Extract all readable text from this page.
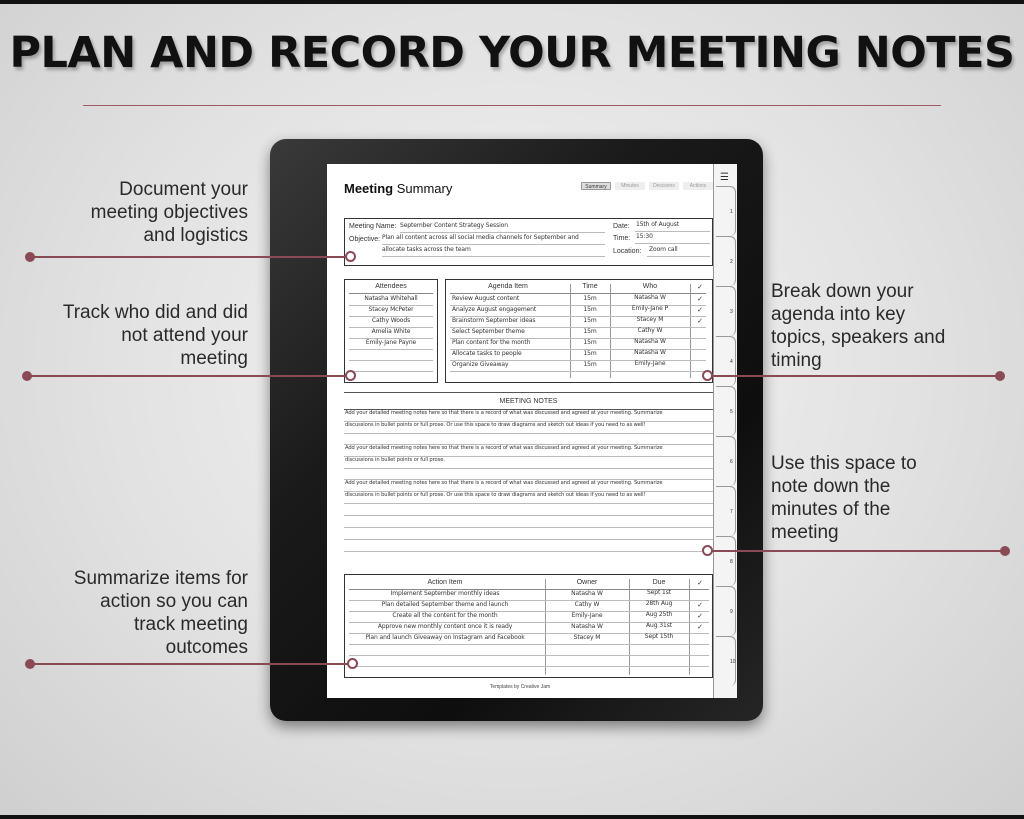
PLAN AND RECORD YOUR MEETING NOTES
Document your
meeting objectives
and logistics
Track who did and did
not attend your
meeting
Summarize items for
action so you can
track meeting
outcomes
Break down your
agenda into key
topics, speakers and
timing
Use this space to
note down the
minutes of the
meeting
☰
1
2
3
4
5
6
7
8
9
10
Meeting Summary	Summary	Minutes	Decisions	Actions
Meeting Name: September Content Strategy Session
Objective: Plan all content across all social media channels for September and
allocate tasks across the team
Date: 15th of August
Time: 15:30
Location: Zoom call
Attendees
Natasha Whitehall
Stacey McPeter
Cathy Woods
Amelia White
Emily-Jane Payne
Agenda Item	Time	Who	✓
Review August content	15m	Natasha W	✓
Analyze August engagement	15m	Emily-Jane P	✓
Brainstorm September ideas	15m	Stacey M	✓
Select September theme	15m	Cathy W
Plan content for the month	15m	Natasha W
Allocate tasks to people	15m	Natasha W
Organize Giveaway	15m	Emily-Jane
MEETING NOTES
Add your detailed meeting notes here so that there is a record of what was discussed and agreed at your meeting. Summarize
discussions in bullet points or full prose. Or use this space to draw diagrams and sketch out ideas if you need to as well!
Add your detailed meeting notes here so that there is a record of what was discussed and agreed at your meeting. Summarize
discussions in bullet points or full prose.
Add your detailed meeting notes here so that there is a record of what was discussed and agreed at your meeting. Summarize
discussions in bullet points or full prose. Or use this space to draw diagrams and sketch out ideas if you need to as well!
Action Item	Owner	Due	✓
Implement September monthly ideas	Natasha W	Sept 1st
Plan detailed September theme and launch	Cathy W	28th Aug	✓
Create all the content for the month	Emily-Jane	Aug 25th	✓
Approve new monthly content once it is ready	Natasha W	Aug 31st	✓
Plan and launch Giveaway on Instagram and Facebook	Stacey M	Sept 15th
Templates by Creative Jam
